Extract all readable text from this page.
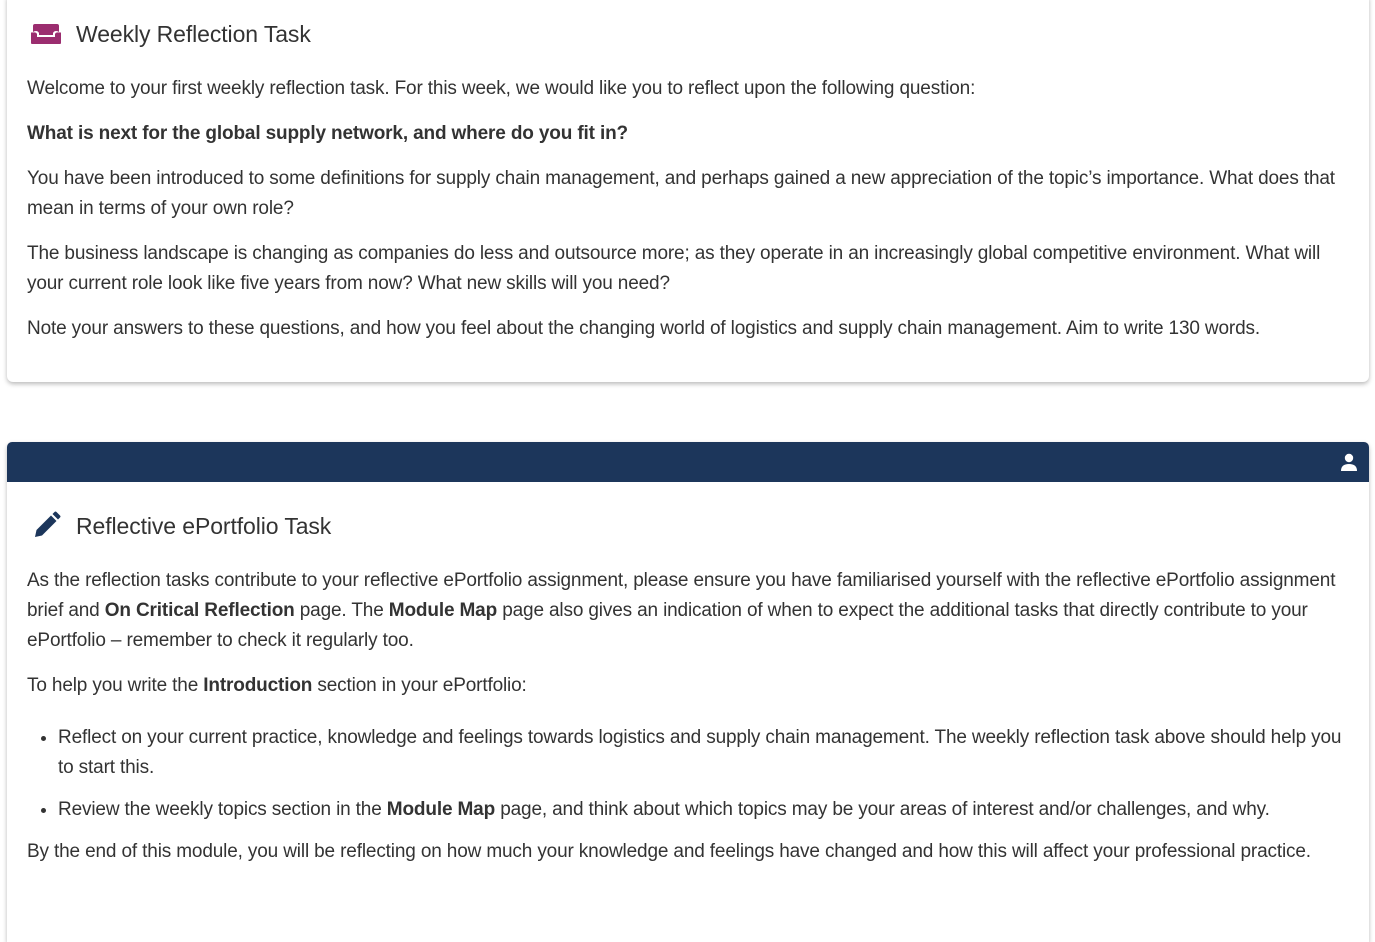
Weekly Reflection Task

Welcome to your first weekly reflection task. For this week, we would like you to reflect upon the following question:

What is next for the global supply network, and where do you fit in?

You have been introduced to some definitions for supply chain management, and perhaps gained a new appreciation of the topic’s importance. What does that mean in terms of your own role?

The business landscape is changing as companies do less and outsource more; as they operate in an increasingly global competitive environment. What will your current role look like five years from now? What new skills will you need?

Note your answers to these questions, and how you feel about the changing world of logistics and supply chain management. Aim to write 130 words.

Reflective ePortfolio Task

As the reflection tasks contribute to your reflective ePortfolio assignment, please ensure you have familiarised yourself with the reflective ePortfolio assignment brief and On Critical Reflection page. The Module Map page also gives an indication of when to expect the additional tasks that directly contribute to your ePortfolio – remember to check it regularly too.

To help you write the Introduction section in your ePortfolio:

• Reflect on your current practice, knowledge and feelings towards logistics and supply chain management. The weekly reflection task above should help you to start this.
• Review the weekly topics section in the Module Map page, and think about which topics may be your areas of interest and/or challenges, and why.

By the end of this module, you will be reflecting on how much your knowledge and feelings have changed and how this will affect your professional practice.
